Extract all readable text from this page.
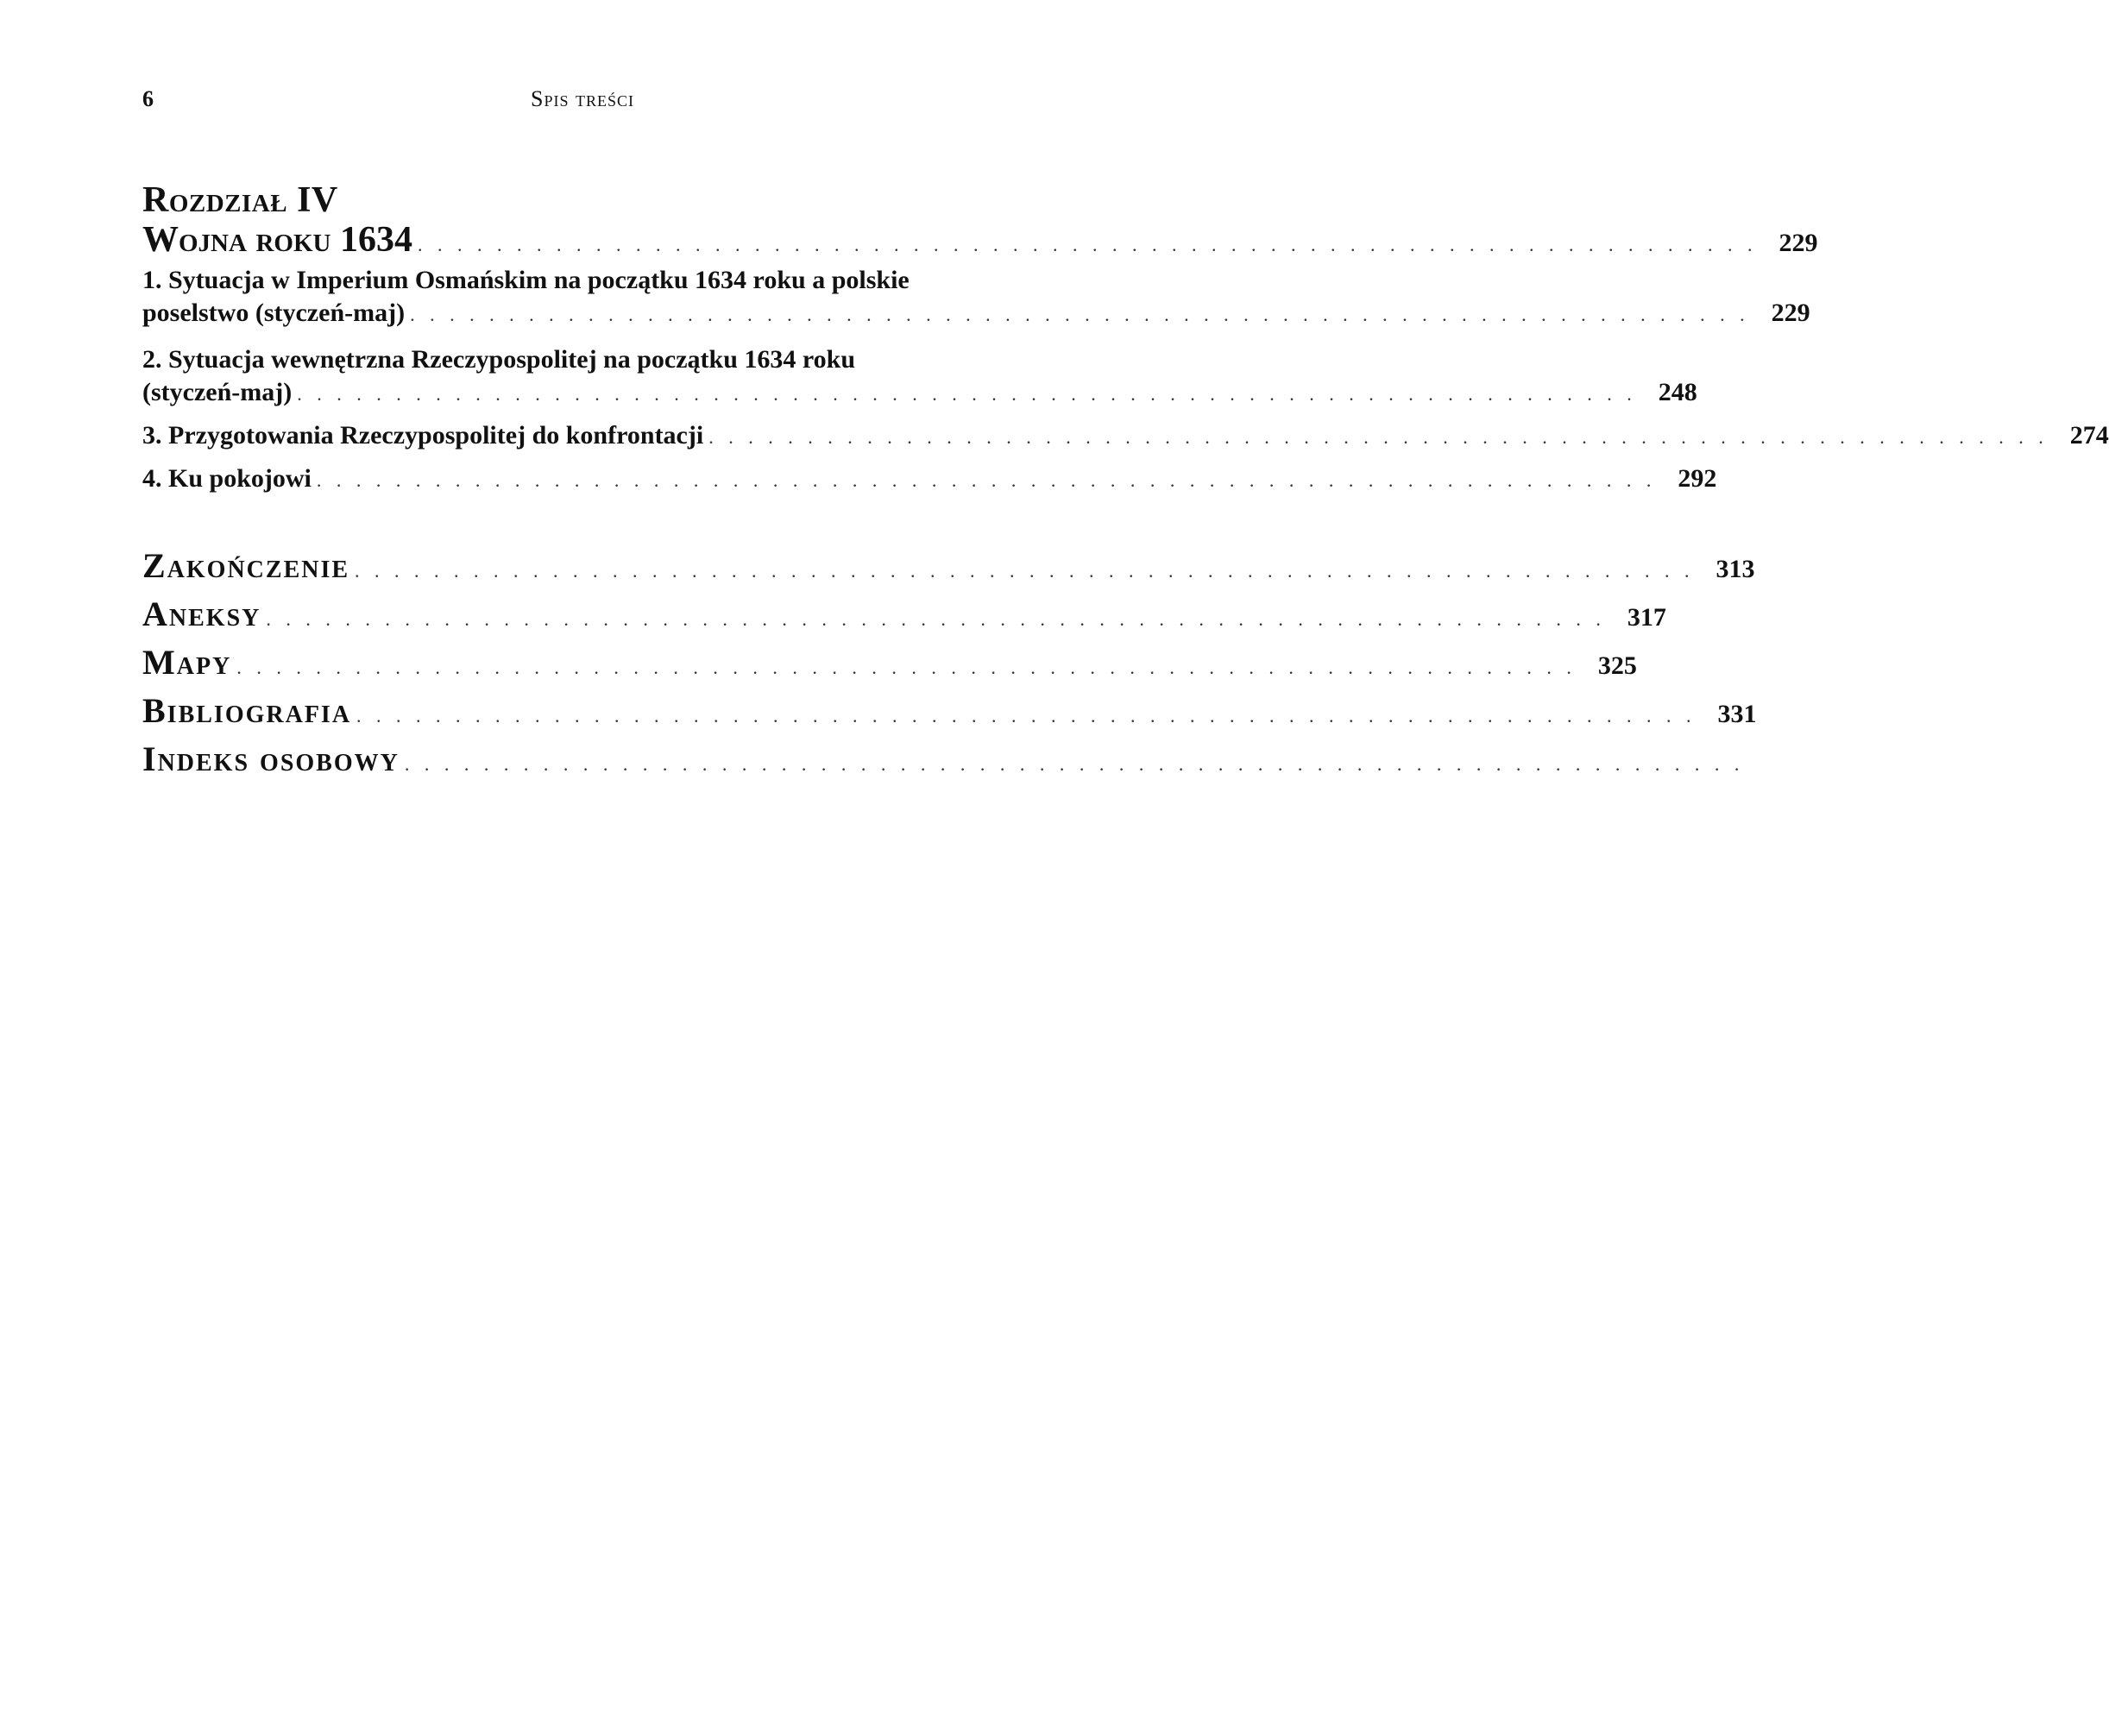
6	Spis treści
Rozdział IV
Wojna roku 1634 . . . . . . . . . . . . . . . . . . . . . . . . . . . . . . . . . . . . . . . . . . . . . . . . . . . . . . . . . . . . . . . . . . . . 229
1. Sytuacja w Imperium Osmańskim na początku 1634 roku a polskie
poselstwo (styczeń-maj) . . . . . . . . . . . . . . . . . . . . . . . . . . . . . . . . . . . . . . . . . . . . . . . . . . . . . . . . . . . . . . . . . . . . 229
2. Sytuacja wewnętrzna Rzeczypospolitej na początku 1634 roku
(styczeń-maj) . . . . . . . . . . . . . . . . . . . . . . . . . . . . . . . . . . . . . . . . . . . . . . . . . . . . . . . . . . . . . . . . . . . . 248
3. Przygotowania Rzeczypospolitej do konfrontacji . . . . . . . . . . . . . . . . . . . . . . . . . . . . . . . . . . . . . . . . . . . . . . . . . . . . . . . . . . . . . . . . . . . . 274
4. Ku pokojowi . . . . . . . . . . . . . . . . . . . . . . . . . . . . . . . . . . . . . . . . . . . . . . . . . . . . . . . . . . . . . . . . . . . . 292
Zakończenie . . . . . . . . . . . . . . . . . . . . . . . . . . . . . . . . . . . . . . . . . . . . . . . . . . . . . . . . . . . . . . . . . . . . 313
Aneksy . . . . . . . . . . . . . . . . . . . . . . . . . . . . . . . . . . . . . . . . . . . . . . . . . . . . . . . . . . . . . . . . . . . . 317
Mapy . . . . . . . . . . . . . . . . . . . . . . . . . . . . . . . . . . . . . . . . . . . . . . . . . . . . . . . . . . . . . . . . . . . . 325
Bibliografia . . . . . . . . . . . . . . . . . . . . . . . . . . . . . . . . . . . . . . . . . . . . . . . . . . . . . . . . . . . . . . . . . . . . 331
Indeks osobowy . . . . . . . . . . . . . . . . . . . . . . . . . . . . . . . . . . . . . . . . . . . . . . . . . . . . . . . . . . . . . . . . . . . .
